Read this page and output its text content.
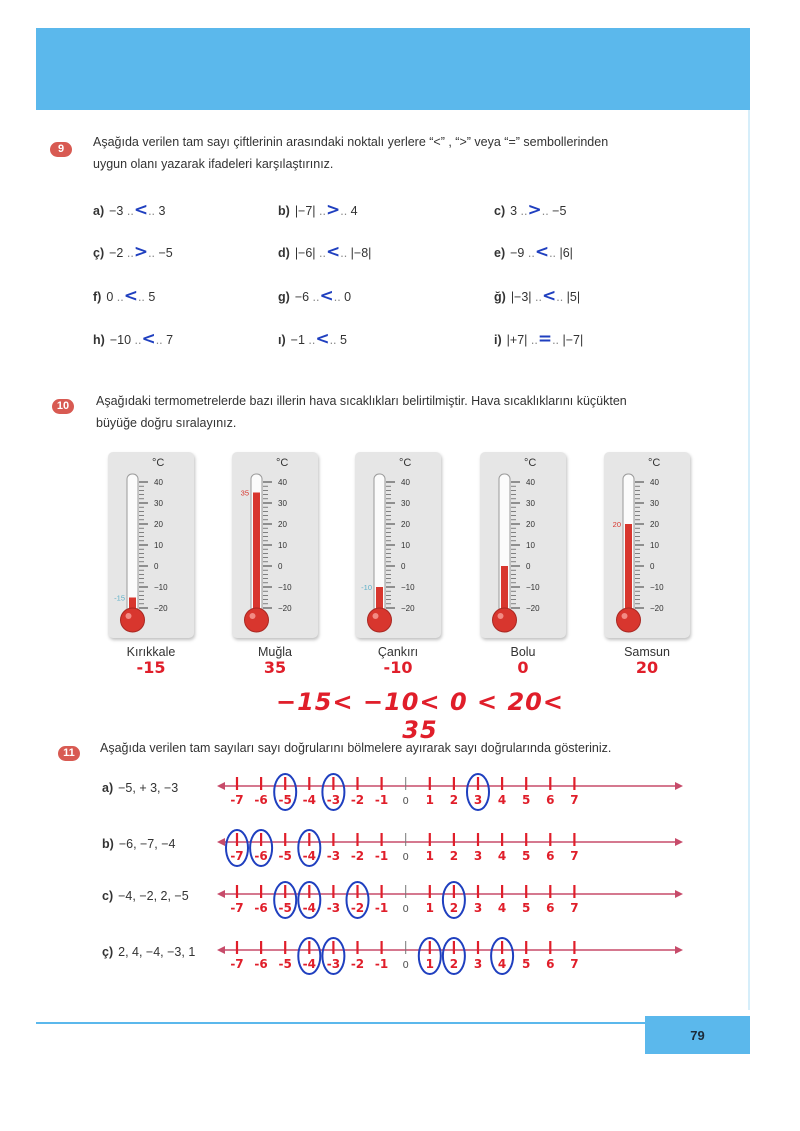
9	Aşağıda verilen tam sayı çiftlerinin arasındaki noktalı yerlere “<” , “>” veya “=” sembollerinden
uygun olanı yazarak ifadeleri karşılaştırınız.
a) −3 ..<.. 3	b) |−7| ..>.. 4	c) 3 ..>.. −5
ç) −2 ..>.. −5	d) |−6| ..<.. |−8|	e) −9 ..<.. |6|
f) 0 ..<.. 5	g) −6 ..<.. 0	ğ) |−3| ..<.. |5|
h) −10 ..<.. 7	ı) −1 ..<.. 5	i) |+7| ..=.. |−7|
10	Aşağıdaki termometrelerde bazı illerin hava sıcaklıkları belirtilmiştir. Hava sıcaklıklarını küçükten
büyüğe doğru sıralayınız.
°C
40
30
20
10
0
−10
−20
-15
Kırıkkale
-15
°C
40
30
20
10
0
−10
−20
35
Muğla
35
°C
40
30
20
10
0
−10
−20
-10
Çankırı
-10
°C
40
30
20
10
0
−10
−20
Bolu
0
°C
40
30
20
10
0
−10
−20
20
Samsun
20
−15< −10< 0 < 20< 35
11	Aşağıda verilen tam sayıları sayı doğrularını bölmelere ayırarak sayı doğrularında gösteriniz.
a) −5, + 3, −3
-7 -6 -5 -4 -3 -2 -1 0 1 2 3 4 5 6 7
b) −6, −7, −4
-7 -6 -5 -4 -3 -2 -1 0 1 2 3 4 5 6 7
c) −4, −2, 2, −5
-7 -6 -5 -4 -3 -2 -1 0 1 2 3 4 5 6 7
ç) 2, 4, −4, −3, 1
-7 -6 -5 -4 -3 -2 -1 0 1 2 3 4 5 6 7
79
